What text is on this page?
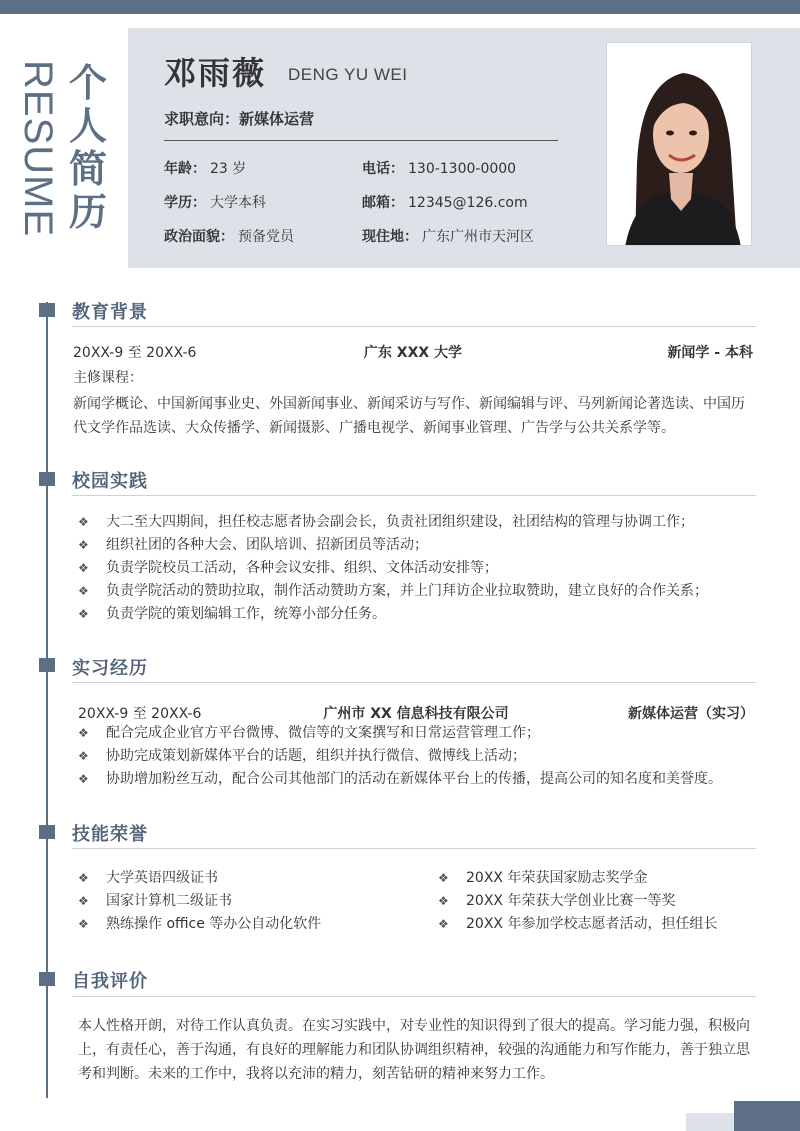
RESUME 个人简历
邓雨薇 DENG YU WEI
求职意向：新媒体运营
年龄： 23 岁	电话： 130-1300-0000
学历： 大学本科	邮箱： 12345@126.com
政治面貌： 预备党员	现住地： 广东广州市天河区
教育背景
20XX-9 至 20XX-6	广东 XXX 大学	新闻学 - 本科
主修课程：
新闻学概论、中国新闻事业史、外国新闻事业、新闻采访与写作、新闻编辑与评、马列新闻论著选读、中国历代文学作品选读、大众传播学、新闻摄影、广播电视学、新闻事业管理、广告学与公共关系学等。
校园实践
❖ 大二至大四期间，担任校志愿者协会副会长，负责社团组织建设，社团结构的管理与协调工作；
❖ 组织社团的各种大会、团队培训、招新团员等活动；
❖ 负责学院校员工活动，各种会议安排、组织、文体活动安排等；
❖ 负责学院活动的赞助拉取，制作活动赞助方案，并上门拜访企业拉取赞助，建立良好的合作关系；
❖ 负责学院的策划编辑工作，统筹小部分任务。
实习经历
20XX-9 至 20XX-6	广州市 XX 信息科技有限公司	新媒体运营（实习）
❖ 配合完成企业官方平台微博、微信等的文案撰写和日常运营管理工作；
❖ 协助完成策划新媒体平台的话题，组织并执行微信、微博线上活动；
❖ 协助增加粉丝互动，配合公司其他部门的活动在新媒体平台上的传播，提高公司的知名度和美誉度。
技能荣誉
❖ 大学英语四级证书
❖ 国家计算机二级证书
❖ 熟练操作 office 等办公自动化软件
❖ 20XX 年荣获国家励志奖学金
❖ 20XX 年荣获大学创业比赛一等奖
❖ 20XX 年参加学校志愿者活动，担任组长
自我评价
本人性格开朗，对待工作认真负责。在实习实践中，对专业性的知识得到了很大的提高。学习能力强，积极向上，有责任心，善于沟通，有良好的理解能力和团队协调组织精神，较强的沟通能力和写作能力，善于独立思考和判断。未来的工作中，我将以充沛的精力，刻苦钻研的精神来努力工作。
